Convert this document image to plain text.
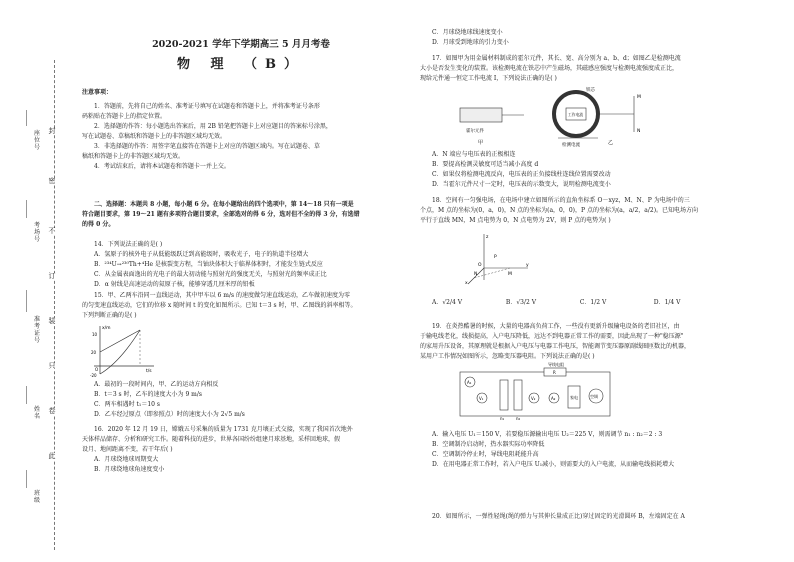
封
密
不
订
装
只
卷
此
座位号
考场号
准考证号
姓名
班级
2020-2021 学年下学期高三 5 月月考卷
物 理 （B）
注意事项：
1．答题前，先将自己的姓名、准考证号填写在试题卷和答题卡上，并将准考证号条形
码粘贴在答题卡上的指定位置。
2．选择题的作答：每小题选出答案后，用 2B 铅笔把答题卡上对应题目的答案标号涂黑，
写在试题卷、草稿纸和答题卡上的非答题区域均无效。
3．非选择题的作答：用签字笔直接答在答题卡上对应的答题区域内。写在试题卷、草
稿纸和答题卡上的非答题区域均无效。
4．考试结束后，请将本试题卷和答题卡一并上交。
二、选择题：本题共 8 小题，每小题 6 分。在每小题给出的四个选项中，第 14～18 只有一项是
符合题目要求，第 19～21 题有多项符合题目要求，全部选对的得 6 分，选对但不全的得 3 分，有选错
的得 0 分。
14．下列说法正确的是( )
A．氢原子的核外电子从低能级跃迁到高能级时，吸收光子，电子的轨道半径增大
B．²³⁴U→²³⁰Th+⁴He 是核裂变方程，当铀块体积大于临界体积时，才能发生链式反应
C．从金属表面逸出的光电子的最大初动能与照射光的强度无关，与照射光的频率成正比
D．α 射线是高速运动的氦原子核，能够穿透几厘米厚的铅板
15．甲、乙两车沿同一直线运动，其中甲车以 6 m/s 的速度做匀速直线运动，乙车做初速度为零
的匀变速直线运动，它们的位移 x 随时间 t 的变化如图所示。已知 t＝3 s 时，甲、乙图线的斜率相等。
下列判断正确的是( )
x/m
t/s
10
20
-20
O
A．最初的一段时间内，甲、乙的运动方向相反
B．t＝3 s 时，乙车的速度大小为 9 m/s
C．两车相遇时 t₁＝10 s
D．乙车经过原点（即参照点）时的速度大小为 2√5 m/s
16．2020 年 12 月 19 日，嫦娥五号采集的质量为 1731 克月壤正式交接，实现了我国首次地外
天体样品储存、分析和研究工作。随着科技的进步，世界各国纷纷组建月球基地，采样回地球，假
设月、地间距离不变，若干年后( )
A．月球绕地球周期变大
B．月球绕地球角速度变小
C．月球绕地球线速度变小
D．月球受到地球的引力变小
17．如图甲为用金属材料制成的霍尔元件，其长、宽、高分别为 a、b、d；如图乙是检测电流
大小是否发生变化的装置。该检测电流在铁芯中产生磁场，其磁感应强度与检测电流强度成正比，
现给元件通一恒定工作电流 I，下列说法正确的是( )
霍尔元件
甲
工作电流
铁芯
M
N
检测电流	乙
A．N 端应与电压表的正极相连
B．要提高检测灵敏度可适当减小高度 d
C．如果仅将检测电流反向，电压表的正负接线柱连线位置需要改动
D．当霍尔元件尺寸一定时，电压表的示数变大，说明检测电流变小
18．空间有一匀强电场，在电场中建立如图所示的直角坐标系 O－xyz，M、N、P 为电场中的三
个点，M 点的坐标为(0，a，0)，N 点的坐标为(a，0，0)，P 点的坐标为(a，a/2，a/2)。已知电场方向
平行于直线 MN，M 点电势为 0，N 点电势为 2V，则 P 点的电势为( )
z
y
x
O
M
N
P
A．√2/4 V	B．√3/2 V	C．1/2 V	D．1/4 V
19．在炎热酷暑的时候，大量的电器高负荷工作，一些没有更新升级输电设备的老旧社区，由
于输电线老化，线损提高，入户电压降低，远达不到电器正常工作的需要，因此出现了一种"稳压源"
的家用升压设备，其原理就是根据入户电压与电器工作电压，智能调节变压器原副线圈匝数比的机器，
某用户工作情况如图所示，忽略变压器电阻。下列说法正确的是( )
A₁
V₁
n₁	n₂
V₂
导线电阻
R
A₂	家电	空调
A．输入电压 U₁＝150 V，若要稳压源输出电压 U₂＝225 V，则需调节 n₁ : n₂＝2 : 3
B．空调制冷启动时，热水器实际功率降低
C．空调制冷停止时，导线电阻耗能升高
D．在用电器正常工作时，若入户电压 U₁减小，则需要大的入户电流，从而输电线损耗增大
20．如图所示，一弹性轻绳(绳的弹力与其伸长量成正比)穿过固定的光滑圆环 B，左端固定在 A
